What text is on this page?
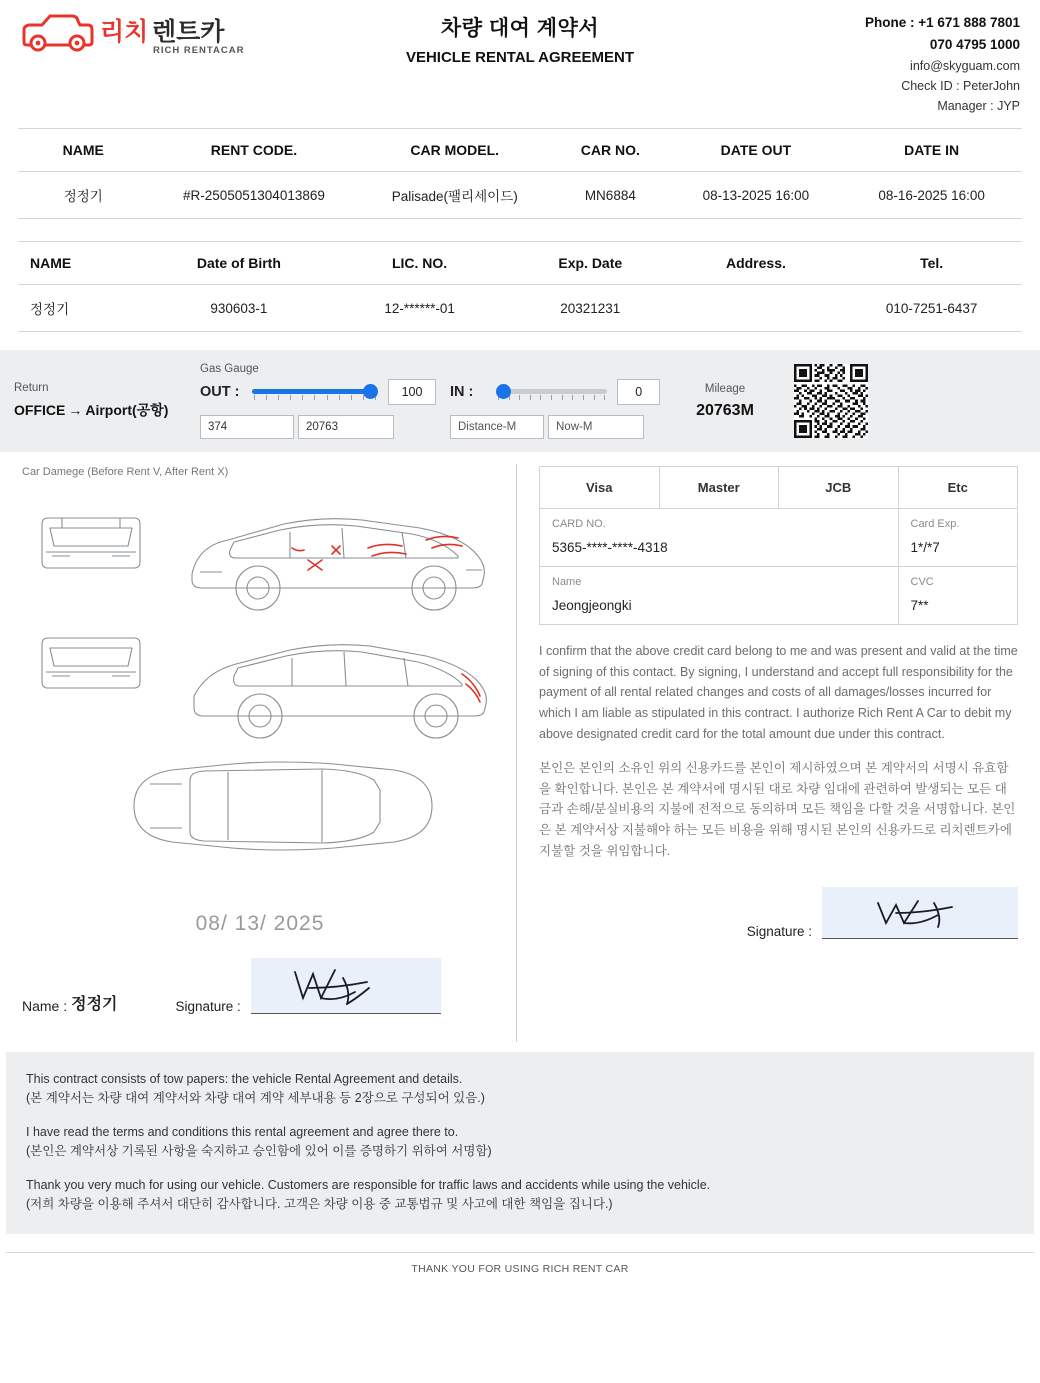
리치 렌트카
RICH RENTACAR
차량 대여 계약서
VEHICLE RENTAL AGREEMENT
Phone : +1 671 888 7801
070 4795 1000
info@skyguam.com
Check ID : PeterJohn
Manager : JYP
NAME	RENT CODE.	CAR MODEL.	CAR NO.	DATE OUT	DATE IN
정정기	#R-2505051304013869	Palisade(팰리세이드)	MN6884	08-13-2025 16:00	08-16-2025 16:00
NAME	Date of Birth	LIC. NO.	Exp. Date	Address.	Tel.
정정기	930603-1	12-******-01	20321231		010-7251-6437
Return
OFFICE → Airport(공항)
Gas Gauge
OUT :	100
374	20763
IN :	0
Distance-M	Now-M
Mileage
20763M
Car Damege (Before Rent V, After Rent X)
08/ 13/ 2025
Name : 정정기	Signature :
Visa	Master	JCB	Etc

CARD NO.
5365-****-****-4318

Card Exp.
1*/*7

Name
Jeongjeongki

CVC
7**
I confirm that the above credit card belong to me and was present and valid at the time of signing of this contact. By signing, I understand and accept full responsibility for the payment of all rental related changes and costs of all damages/losses incurred for which I am liable as stipulated in this contract. I authorize Rich Rent A Car to debit my above designated credit card for the total amount due under this contract.
본인은 본인의 소유인 위의 신용카드를 본인이 제시하였으며 본 계약서의 서명시 유효함을 확인합니다. 본인은 본 계약서에 명시된 대로 차량 임대에 관련하여 발생되는 모든 대금과 손해/분실비용의 지불에 전적으로 동의하며 모든 책임을 다할 것을 서명합니다. 본인은 본 계약서상 지불해야 하는 모든 비용을 위해 명시된 본인의 신용카드로 리치렌트카에 지불할 것을 위임합니다.
Signature :

This contract consists of tow papers: the vehicle Rental Agreement and details.
(본 계약서는 차량 대여 계약서와 차량 대여 계약 세부내용 등 2장으로 구성되어 있음.)

I have read the terms and conditions this rental agreement and agree there to.
(본인은 계약서상 기록된 사항을 숙지하고 승인함에 있어 이를 증명하기 위하여 서명함)

Thank you very much for using our vehicle. Customers are responsible for traffic laws and accidents while using the vehicle.
(저희 차량을 이용해 주셔서 대단히 감사합니다. 고객은 차량 이용 중 교통법규 및 사고에 대한 책임을 집니다.)

THANK YOU FOR USING RICH RENT CAR
